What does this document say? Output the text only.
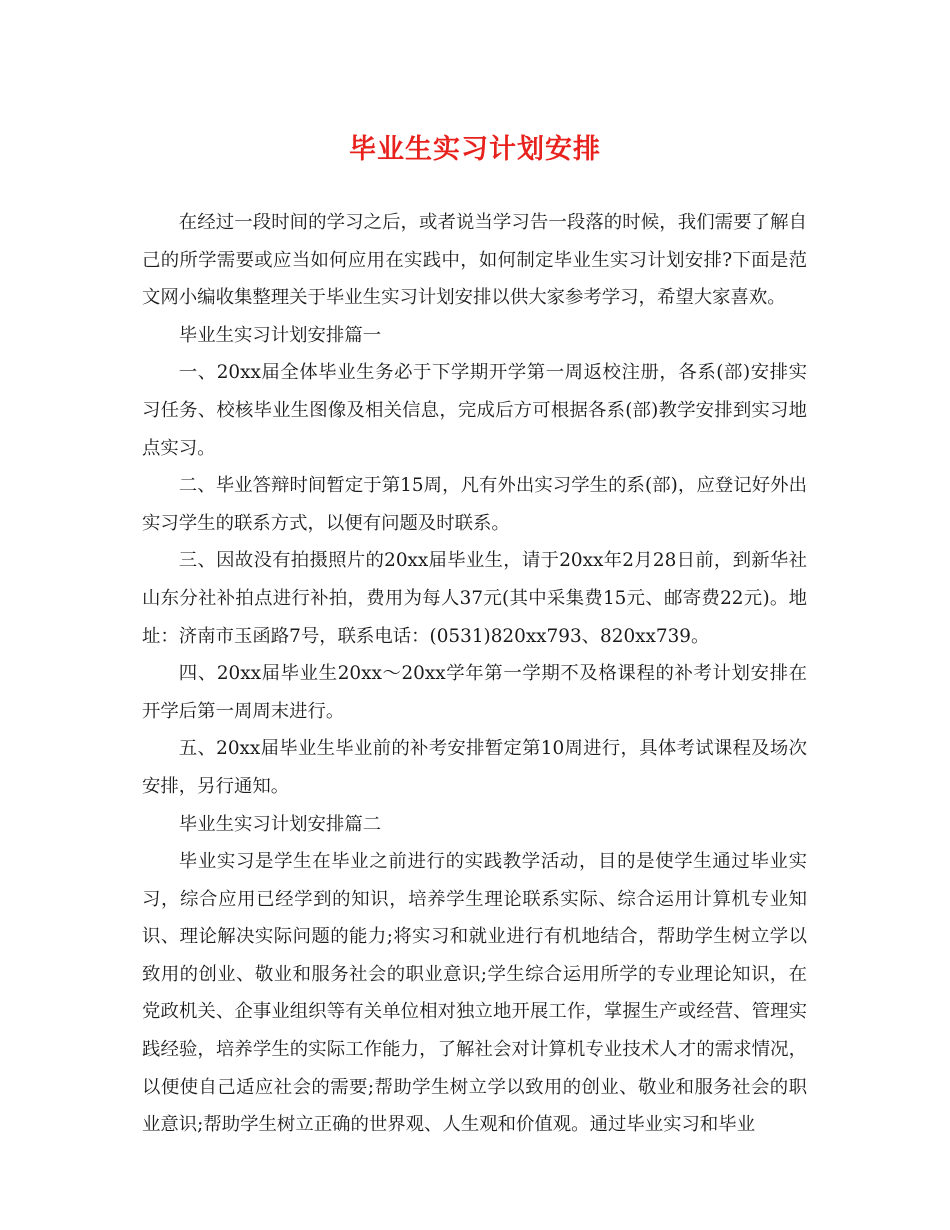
毕业生实习计划安排

在经过一段时间的学习之后，或者说当学习告一段落的时候，我们需要了解自己的所学需要或应当如何应用在实践中，如何制定毕业生实习计划安排?下面是范文网小编收集整理关于毕业生实习计划安排以供大家参考学习，希望大家喜欢。

毕业生实习计划安排篇一

一、20xx届全体毕业生务必于下学期开学第一周返校注册，各系(部)安排实习任务、校核毕业生图像及相关信息，完成后方可根据各系(部)教学安排到实习地点实习。

二、毕业答辩时间暂定于第15周，凡有外出实习学生的系(部)，应登记好外出实习学生的联系方式，以便有问题及时联系。

三、因故没有拍摄照片的20xx届毕业生，请于20xx年2月28日前，到新华社山东分社补拍点进行补拍，费用为每人37元(其中采集费15元、邮寄费22元)。地址：济南市玉函路7号，联系电话：(0531)820xx793、820xx739。

四、20xx届毕业生20xx～20xx学年第一学期不及格课程的补考计划安排在开学后第一周周末进行。

五、20xx届毕业生毕业前的补考安排暂定第10周进行，具体考试课程及场次安排，另行通知。

毕业生实习计划安排篇二

毕业实习是学生在毕业之前进行的实践教学活动，目的是使学生通过毕业实习，综合应用已经学到的知识，培养学生理论联系实际、综合运用计算机专业知识、理论解决实际问题的能力;将实习和就业进行有机地结合，帮助学生树立学以致用的创业、敬业和服务社会的职业意识;学生综合运用所学的专业理论知识，在党政机关、企事业组织等有关单位相对独立地开展工作，掌握生产或经营、管理实践经验，培养学生的实际工作能力，了解社会对计算机专业技术人才的需求情况，以便使自己适应社会的需要;帮助学生树立学以致用的创业、敬业和服务社会的职业意识;帮助学生树立正确的世界观、人生观和价值观。通过毕业实习和毕业
